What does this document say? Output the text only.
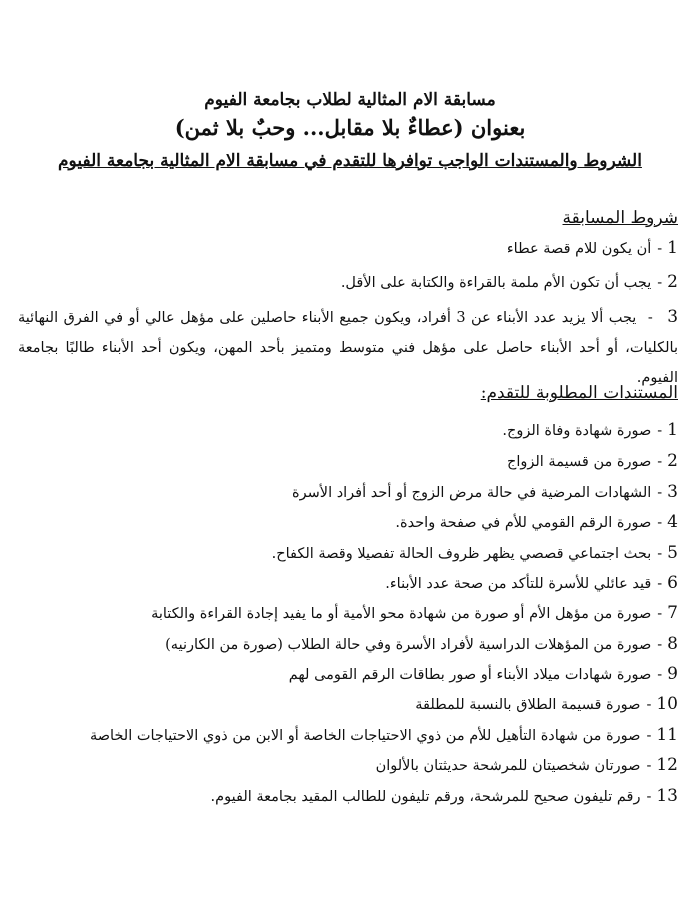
مسابقة الام المثالية لطلاب بجامعة الفيوم
بعنوان (عطاءٌ بلا مقابل... وحبٌ بلا ثمن)
الشروط والمستندات الواجب توافرها للتقدم في مسابقة الام المثالية بجامعة الفيوم
شروط المسابقة
1
-
أن يكون للام قصة عطاء
2
-
يجب أن تكون الأم ملمة بالقراءة والكتابة على الأقل.
3 - يجب ألا يزيد عدد الأبناء عن 3 أفراد، ويكون جميع الأبناء حاصلين على مؤهل عالي أو في الفرق النهائية بالكليات، أو أحد الأبناء حاصل على مؤهل فني متوسط ومتميز بأحد المهن، ويكون أحد الأبناء طالبًا بجامعة الفيوم.
المستندات المطلوبة للتقدم:
1
-
صورة شهادة وفاة الزوج.
2
-
صورة من قسيمة الزواج
3
-
الشهادات المرضية في حالة مرض الزوج أو أحد أفراد الأسرة
4
-
صورة الرقم القومي للأم في صفحة واحدة.
5
-
بحث اجتماعي قصصي يظهر ظروف الحالة تفصيلا وقصة الكفاح.
6
-
قيد عائلي للأسرة للتأكد من صحة عدد الأبناء.
7
-
صورة من مؤهل الأم أو صورة من شهادة محو الأمية أو ما يفيد إجادة القراءة والكتابة
8
-
صورة من المؤهلات الدراسية لأفراد الأسرة وفي حالة الطلاب (صورة من الكارنيه)
9
-
صورة شهادات ميلاد الأبناء أو صور بطاقات الرقم القومى لهم
10
-
صورة قسيمة الطلاق بالنسبة للمطلقة
11
-
صورة من شهادة التأهيل للأم من ذوي الاحتياجات الخاصة أو الابن من ذوي الاحتياجات الخاصة
12
-
صورتان شخصيتان للمرشحة حديثتان بالألوان
13
-
رقم تليفون صحيح للمرشحة، ورقم تليفون للطالب المقيد بجامعة الفيوم.
